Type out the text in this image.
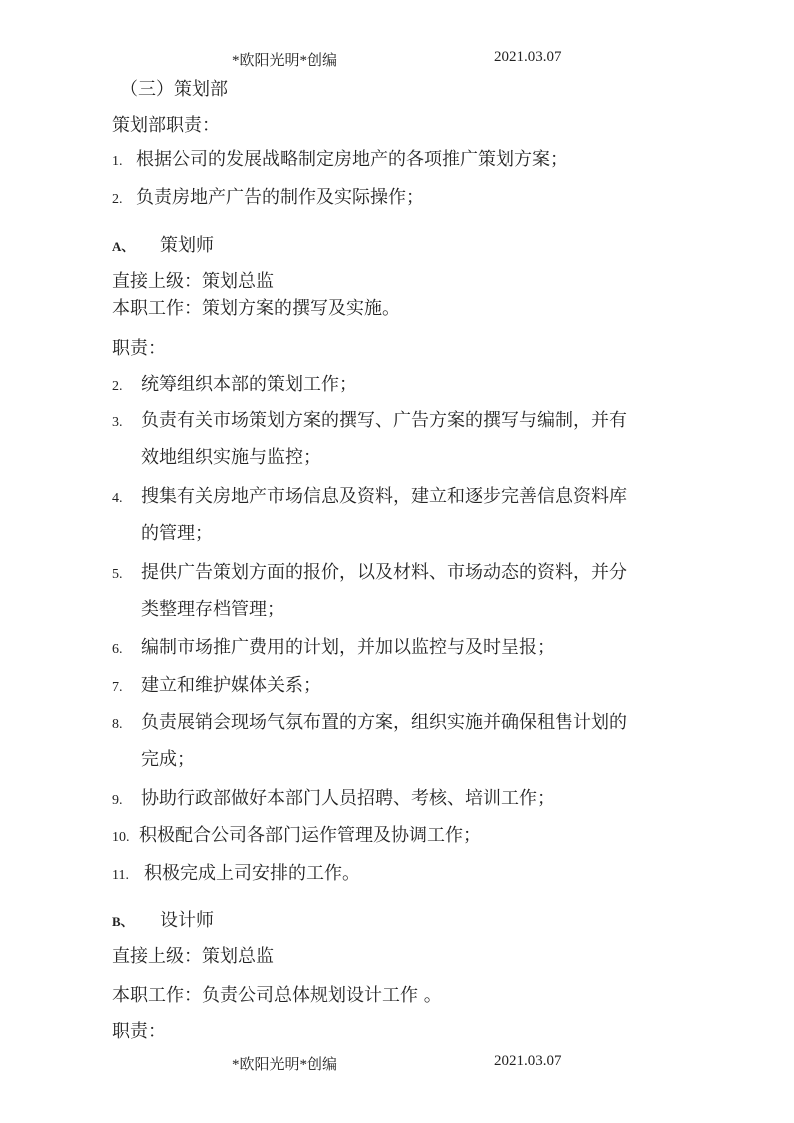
*欧阳光明*创编	2021.03.07
（三）策划部
策划部职责：
1. 根据公司的发展战略制定房地产的各项推广策划方案；
2. 负责房地产广告的制作及实际操作；
A、 策划师
直接上级：策划总监
本职工作：策划方案的撰写及实施。
职责：
2. 统筹组织本部的策划工作；
3. 负责有关市场策划方案的撰写、广告方案的撰写与编制，并有
效地组织实施与监控；
4. 搜集有关房地产市场信息及资料，建立和逐步完善信息资料库
的管理；
5. 提供广告策划方面的报价，以及材料、市场动态的资料，并分
类整理存档管理；
6. 编制市场推广费用的计划，并加以监控与及时呈报；
7. 建立和维护媒体关系；
8. 负责展销会现场气氛布置的方案，组织实施并确保租售计划的
完成；
9. 协助行政部做好本部门人员招聘、考核、培训工作；
10. 积极配合公司各部门运作管理及协调工作；
11. 积极完成上司安排的工作。
B、 设计师
直接上级：策划总监
本职工作：负责公司总体规划设计工作 。
职责：
*欧阳光明*创编	2021.03.07
